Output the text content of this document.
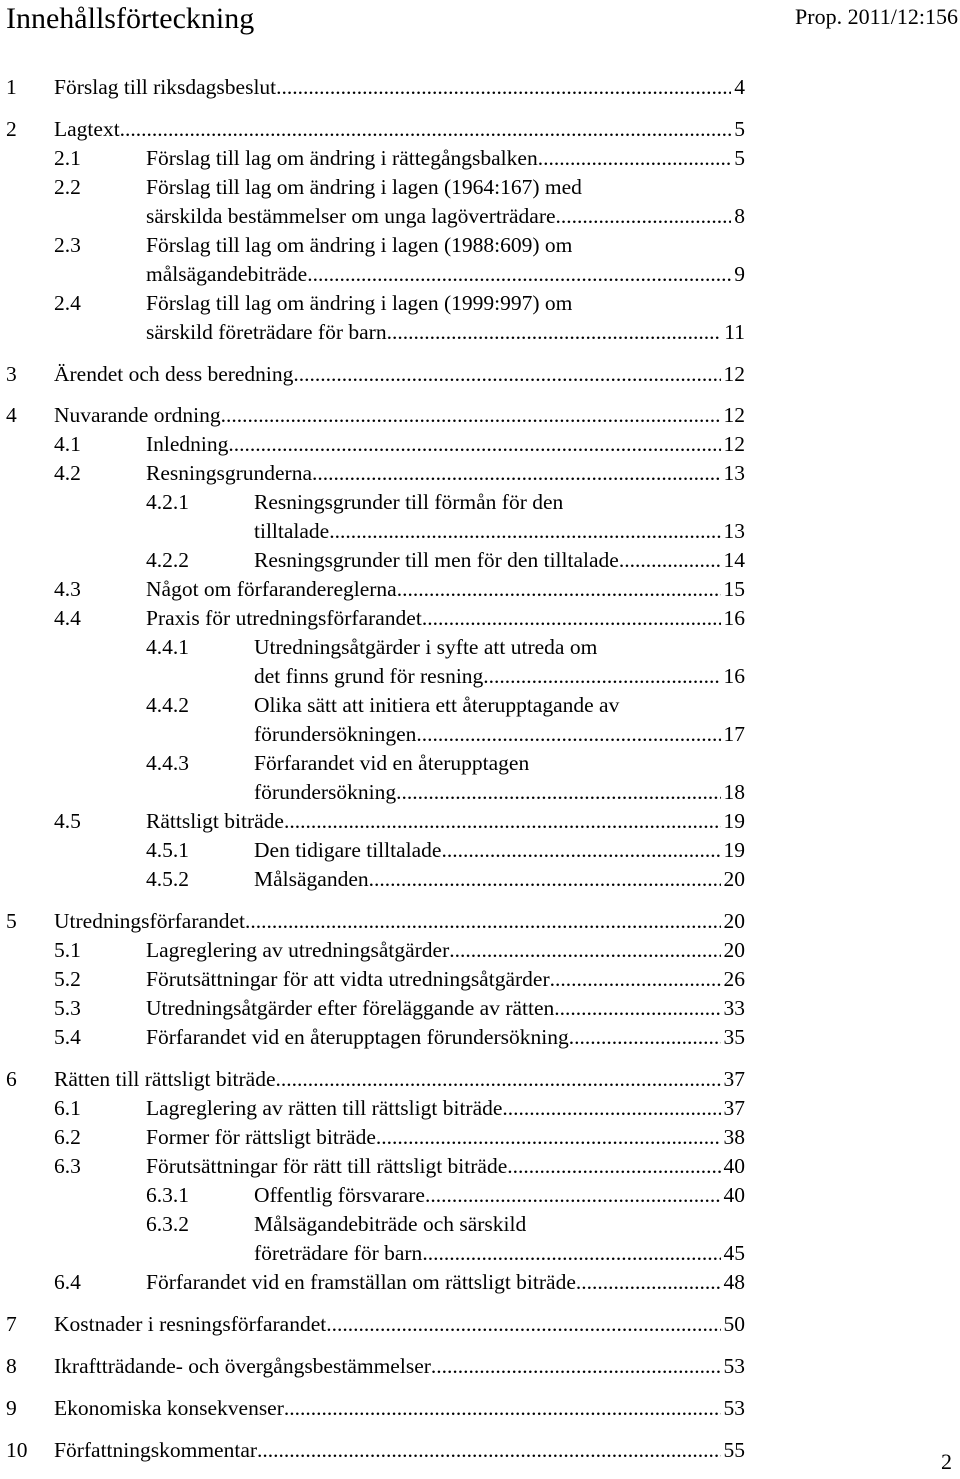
Innehållsförteckning	Prop. 2011/12:156
1 Förslag till riksdagsbeslut .....	4
2 Lagtext .....	5
2.1	Förslag till lag om ändring i rättegångsbalken .....	5
2.2	Förslag till lag om ändring i lagen (1964:167) med
särskilda bestämmelser om unga lagöverträdare .....	8
2.3	Förslag till lag om ändring i lagen (1988:609) om
målsägandebiträde .....	9
2.4	Förslag till lag om ändring i lagen (1999:997) om
särskild företrädare för barn .....	11
3 Ärendet och dess beredning .....	12
4 Nuvarande ordning .....	12
4.1	Inledning .....	12
4.2	Resningsgrunderna .....	13
4.2.1	Resningsgrunder till förmån för den
tilltalade .....	13
4.2.2	Resningsgrunder till men för den tilltalade .....	14
4.3	Något om förfarandereglerna .....	15
4.4	Praxis för utredningsförfarandet .....	16
4.4.1	Utredningsåtgärder i syfte att utreda om
det finns grund för resning .....	16
4.4.2	Olika sätt att initiera ett återupptagande av
förundersökningen .....	17
4.4.3	Förfarandet vid en återupptagen
förundersökning .....	18
4.5	Rättsligt biträde .....	19
4.5.1	Den tidigare tilltalade .....	19
4.5.2	Målsäganden .....	20
5 Utredningsförfarandet .....	20
5.1	Lagreglering av utredningsåtgärder .....	20
5.2	Förutsättningar för att vidta utredningsåtgärder .....	26
5.3	Utredningsåtgärder efter föreläggande av rätten .....	33
5.4	Förfarandet vid en återupptagen förundersökning .....	35
6 Rätten till rättsligt biträde .....	37
6.1	Lagreglering av rätten till rättsligt biträde .....	37
6.2	Former för rättsligt biträde .....	38
6.3	Förutsättningar för rätt till rättsligt biträde .....	40
6.3.1	Offentlig försvarare .....	40
6.3.2	Målsägandebiträde och särskild
företrädare för barn .....	45
6.4	Förfarandet vid en framställan om rättsligt biträde .....	48
7 Kostnader i resningsförfarandet .....	50
8 Ikraftträdande- och övergångsbestämmelser .....	53
9 Ekonomiska konsekvenser .....	53
10 Författningskommentar .....	55	2
